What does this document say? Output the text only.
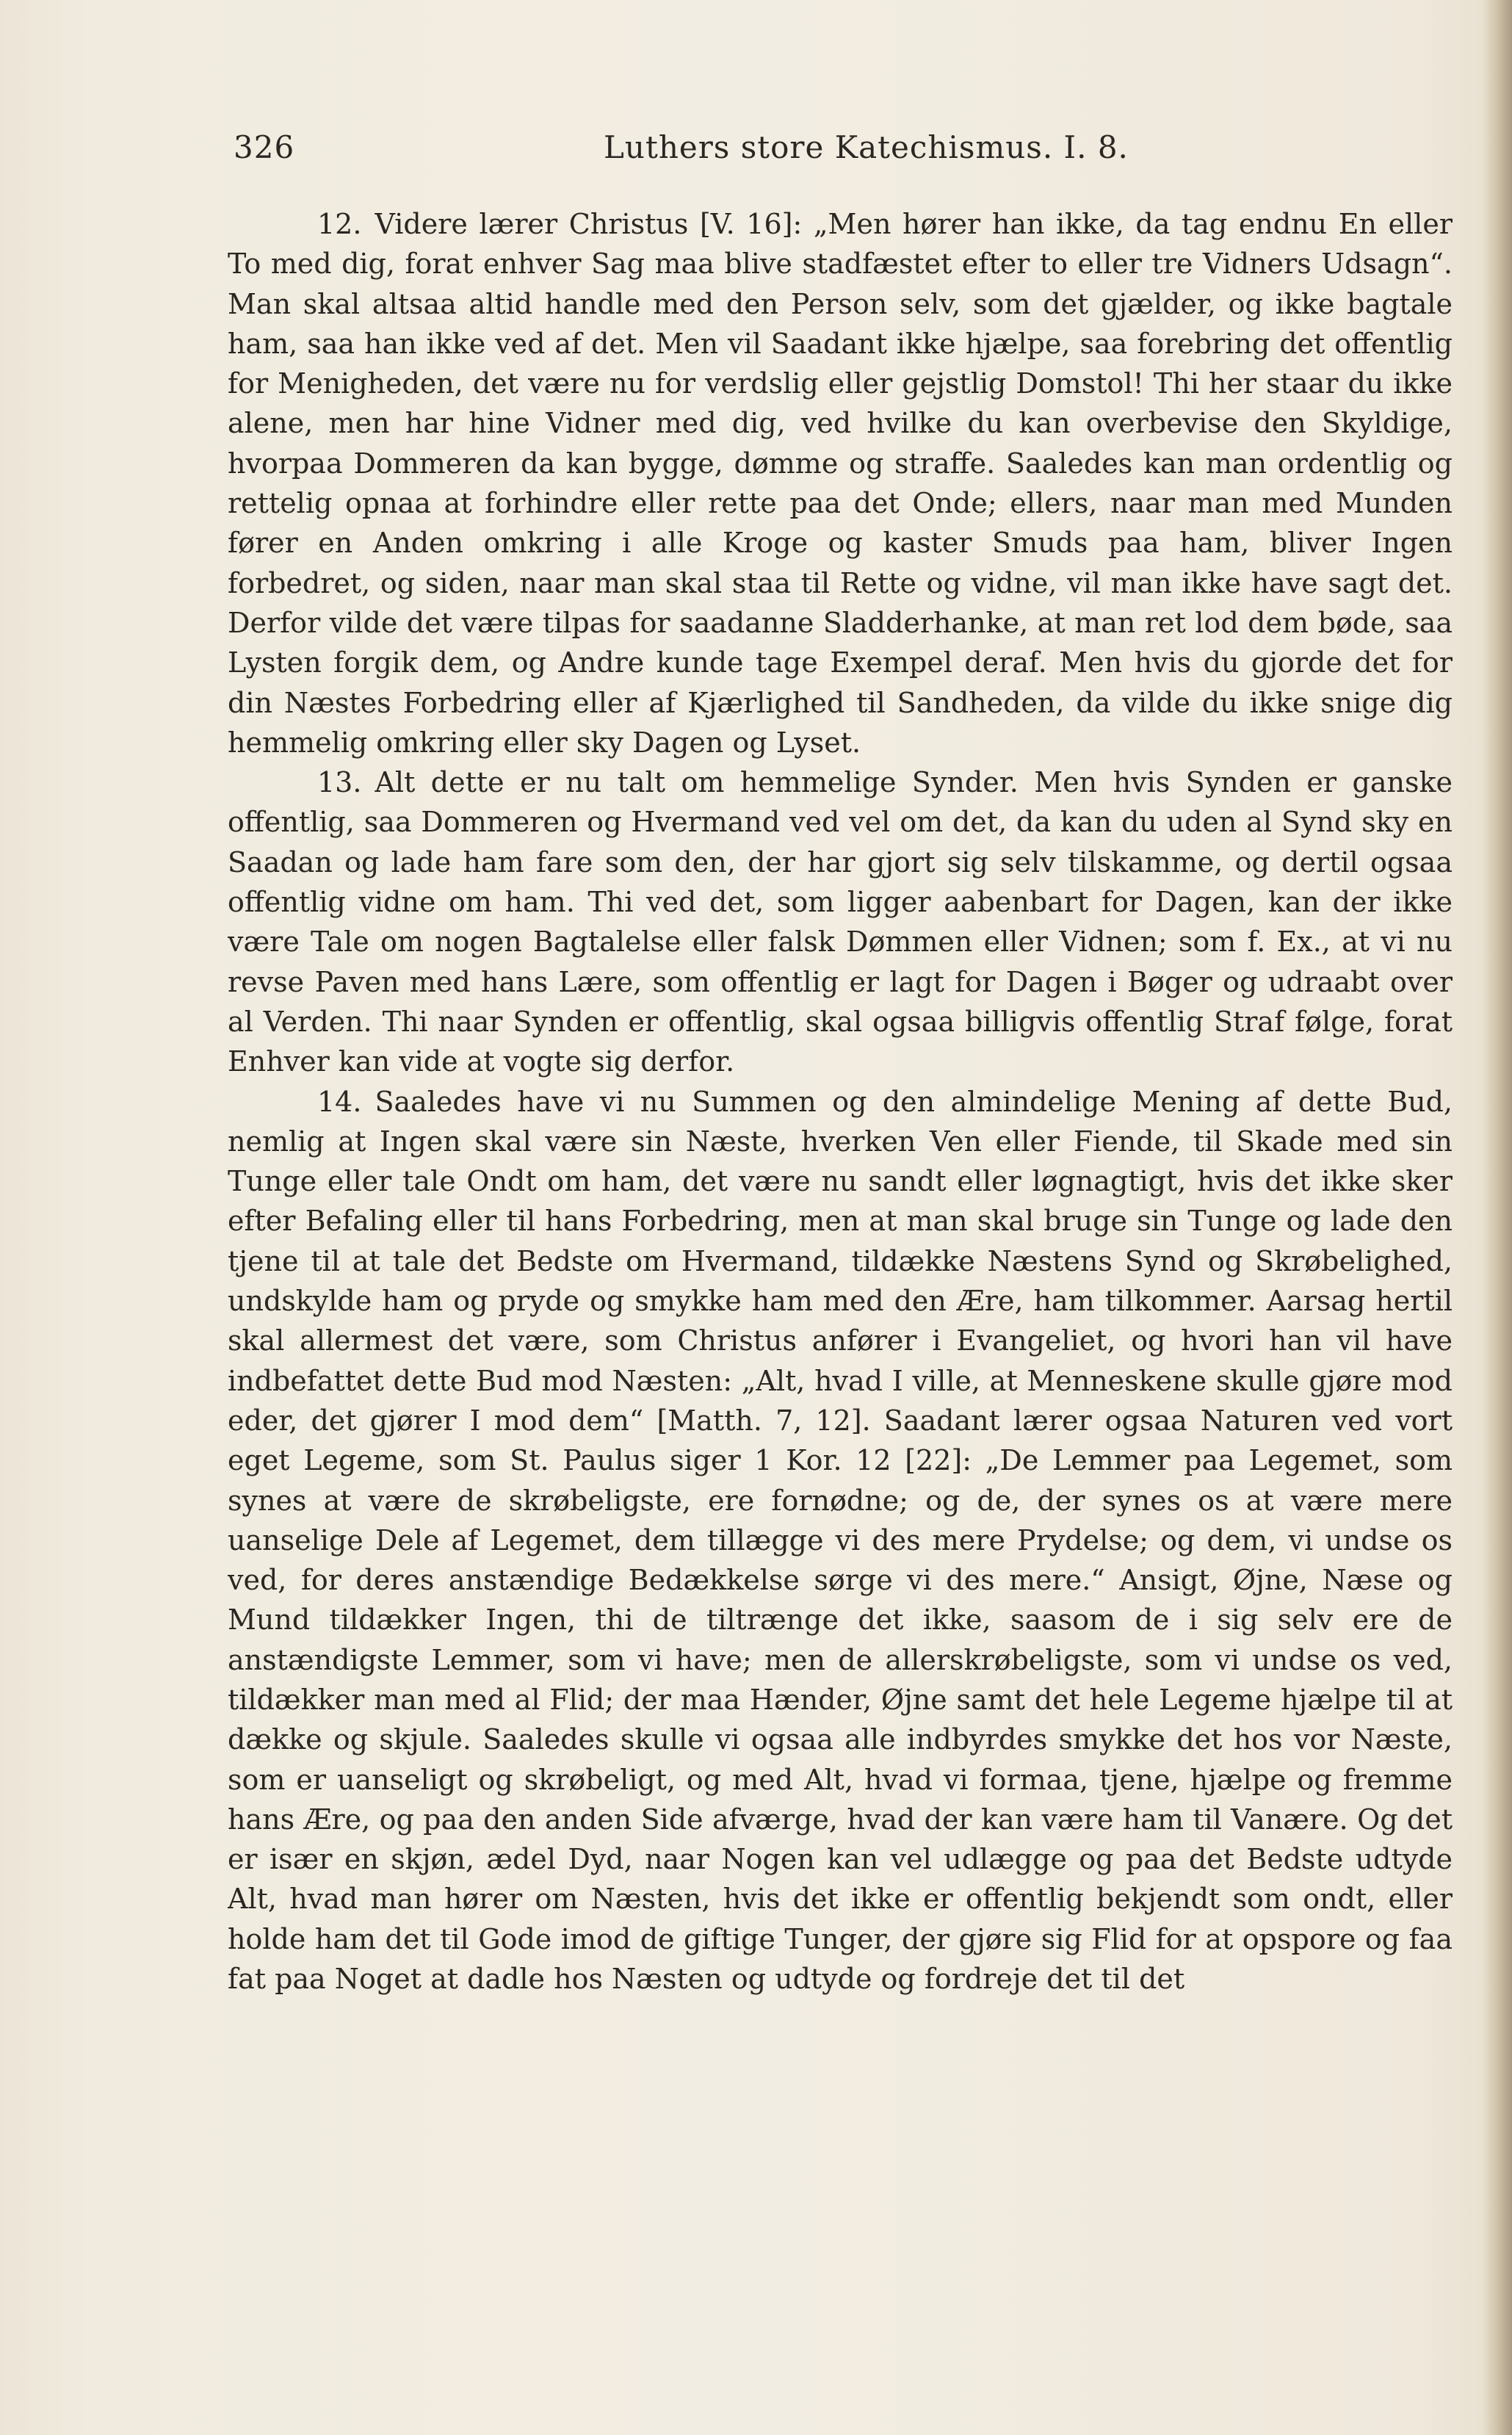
326	Luthers store Katechismus. I. 8.

12. Videre lærer Christus [V. 16]: „Men hører han ikke, da tag endnu En eller To med dig, forat enhver Sag maa blive stadfæstet efter to eller tre Vidners Udsagn“. Man skal altsaa altid handle med den Person selv, som det gjælder, og ikke bagtale ham, saa han ikke ved af det. Men vil Saadant ikke hjælpe, saa forebring det offentlig for Menigheden, det være nu for verdslig eller gejstlig Domstol! Thi her staar du ikke alene, men har hine Vidner med dig, ved hvilke du kan overbevise den Skyldige, hvorpaa Dommeren da kan bygge, dømme og straffe. Saaledes kan man ordentlig og rettelig opnaa at forhindre eller rette paa det Onde; ellers, naar man med Munden fører en Anden omkring i alle Kroge og kaster Smuds paa ham, bliver Ingen forbedret, og siden, naar man skal staa til Rette og vidne, vil man ikke have sagt det. Derfor vilde det være tilpas for saadanne Sladderhanke, at man ret lod dem bøde, saa Lysten forgik dem, og Andre kunde tage Exempel deraf. Men hvis du gjorde det for din Næstes Forbedring eller af Kjærlighed til Sandheden, da vilde du ikke snige dig hemmelig omkring eller sky Dagen og Lyset.

13. Alt dette er nu talt om hemmelige Synder. Men hvis Synden er ganske offentlig, saa Dommeren og Hvermand ved vel om det, da kan du uden al Synd sky en Saadan og lade ham fare som den, der har gjort sig selv tilskamme, og dertil ogsaa offentlig vidne om ham. Thi ved det, som ligger aabenbart for Dagen, kan der ikke være Tale om nogen Bagtalelse eller falsk Dømmen eller Vidnen; som f. Ex., at vi nu revse Paven med hans Lære, som offentlig er lagt for Dagen i Bøger og udraabt over al Verden. Thi naar Synden er offentlig, skal ogsaa billigvis offentlig Straf følge, forat Enhver kan vide at vogte sig derfor.

14. Saaledes have vi nu Summen og den almindelige Mening af dette Bud, nemlig at Ingen skal være sin Næste, hverken Ven eller Fiende, til Skade med sin Tunge eller tale Ondt om ham, det være nu sandt eller løgnagtigt, hvis det ikke sker efter Befaling eller til hans Forbedring, men at man skal bruge sin Tunge og lade den tjene til at tale det Bedste om Hvermand, tildække Næstens Synd og Skrøbelighed, undskylde ham og pryde og smykke ham med den Ære, ham tilkommer. Aarsag hertil skal allermest det være, som Christus anfører i Evangeliet, og hvori han vil have indbefattet dette Bud mod Næsten: „Alt, hvad I ville, at Menneskene skulle gjøre mod eder, det gjører I mod dem“ [Matth. 7, 12]. Saadant lærer ogsaa Naturen ved vort eget Legeme, som St. Paulus siger 1 Kor. 12 [22]: „De Lemmer paa Legemet, som synes at være de skrøbeligste, ere fornødne; og de, der synes os at være mere uanselige Dele af Legemet, dem tillægge vi des mere Prydelse; og dem, vi undse os ved, for deres anstændige Bedækkelse sørge vi des mere.“ Ansigt, Øjne, Næse og Mund tildækker Ingen, thi de tiltrænge det ikke, saasom de i sig selv ere de anstændigste Lemmer, som vi have; men de allerskrøbeligste, som vi undse os ved, tildækker man med al Flid; der maa Hænder, Øjne samt det hele Legeme hjælpe til at dække og skjule. Saaledes skulle vi ogsaa alle indbyrdes smykke det hos vor Næste, som er uanseligt og skrøbeligt, og med Alt, hvad vi formaa, tjene, hjælpe og fremme hans Ære, og paa den anden Side afværge, hvad der kan være ham til Vanære. Og det er især en skjøn, ædel Dyd, naar Nogen kan vel udlægge og paa det Bedste udtyde Alt, hvad man hører om Næsten, hvis det ikke er offentlig bekjendt som ondt, eller holde ham det til Gode imod de giftige Tunger, der gjøre sig Flid for at opspore og faa fat paa Noget at dadle hos Næsten og udtyde og fordreje det til det
